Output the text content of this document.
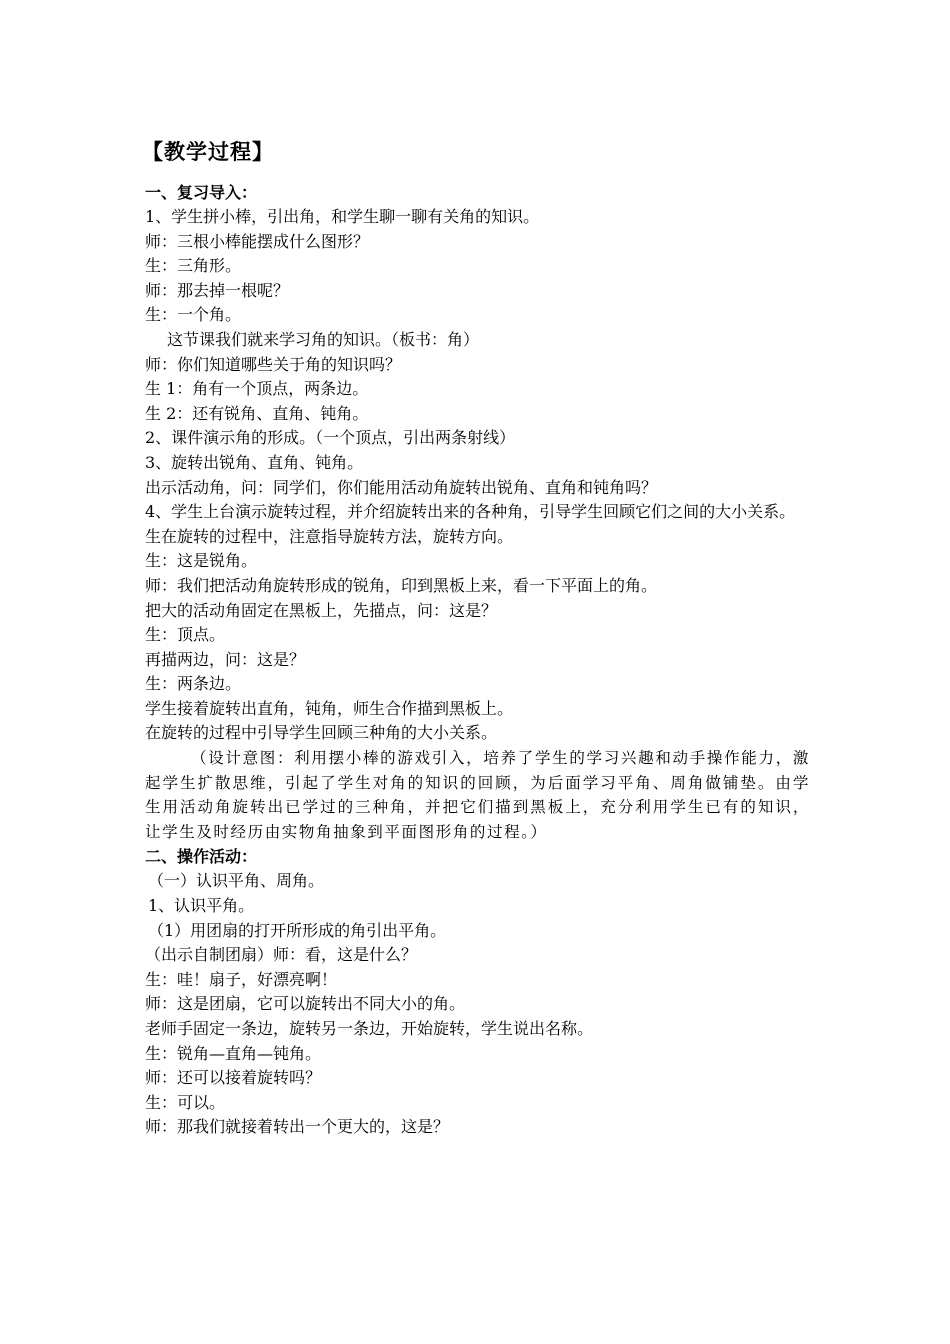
【教学过程】
一、复习导入：
1、学生拼小棒，引出角，和学生聊一聊有关角的知识。
师：三根小棒能摆成什么图形？
生：三角形。
师：那去掉一根呢？
生：一个角。
这节课我们就来学习角的知识。（板书：角）
师：你们知道哪些关于角的知识吗？
生 1：角有一个顶点，两条边。
生 2：还有锐角、直角、钝角。
2、课件演示角的形成。（一个顶点，引出两条射线）
3、旋转出锐角、直角、钝角。
出示活动角，问：同学们，你们能用活动角旋转出锐角、直角和钝角吗？
4、学生上台演示旋转过程，并介绍旋转出来的各种角，引导学生回顾它们之间的大小关系。
生在旋转的过程中，注意指导旋转方法，旋转方向。
生：这是锐角。
师：我们把活动角旋转形成的锐角，印到黑板上来，看一下平面上的角。
把大的活动角固定在黑板上，先描点，问：这是？
生：顶点。
再描两边，问：这是？
生：两条边。
学生接着旋转出直角，钝角，师生合作描到黑板上。
在旋转的过程中引导学生回顾三种角的大小关系。
（设计意图：利用摆小棒的游戏引入，培养了学生的学习兴趣和动手操作能力，激起学生扩散思维，引起了学生对角的知识的回顾，为后面学习平角、周角做铺垫。由学生用活动角旋转出已学过的三种角，并把它们描到黑板上，充分利用学生已有的知识，让学生及时经历由实物角抽象到平面图形角的过程。）
二、操作活动：
（一）认识平角、周角。
1、认识平角。
（1）用团扇的打开所形成的角引出平角。
（出示自制团扇）师：看，这是什么？
生：哇！扇子，好漂亮啊！
师：这是团扇，它可以旋转出不同大小的角。
老师手固定一条边，旋转另一条边，开始旋转，学生说出名称。
生：锐角—直角—钝角。
师：还可以接着旋转吗？
生：可以。
师：那我们就接着转出一个更大的，这是？
